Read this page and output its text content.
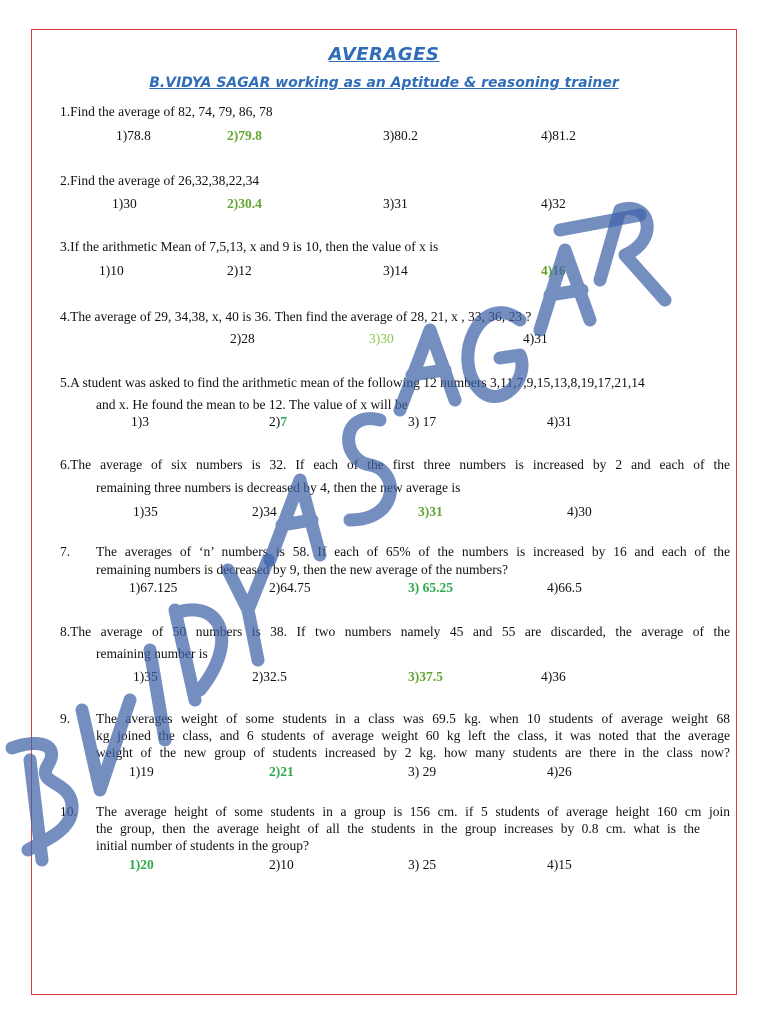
AVERAGES
B.VIDYA SAGAR working as an Aptitude & reasoning trainer
1.Find the average of 82, 74, 79, 86, 78
1)78.8	2)79.8	3)80.2	4)81.2
2.Find the average of 26,32,38,22,34
1)30	2)30.4	3)31	4)32
3.If the arithmetic Mean of 7,5,13, x and 9 is 10, then the value of x is
1)10	2)12	3)14	4)16
4.The average of 29, 34,38, x, 40 is 36. Then find the average of 28, 21, x , 33, 36, 23 ?
2)28	3)30	4)31
5.A student was asked to find the arithmetic mean of the following 12 numbers 3,11,7,9,15,13,8,19,17,21,14
and x. He found the mean to be 12. The value of x will be
1)3	2)7	3) 17	4)31
6.The average of six numbers is 32. If each of the first three numbers is increased by 2 and each of the
remaining three numbers is decreased by 4, then the new average is
1)35	2)34	3)31	4)30
7. The averages of ‘n’ numbers is 58. If each of 65% of the numbers is increased by 16 and each of the
remaining numbers is decreased by 9, then the new average of the numbers?
1)67.125	2)64.75	3) 65.25	4)66.5
8.The average of 50 numbers is 38. If two numbers namely 45 and 55 are discarded, the average of the
remaining number is
1)35	2)32.5	3)37.5	4)36
9. The averages weight of some students in a class was 69.5 kg. when 10 students of average weight 68
kg joined the class, and 6 students of average weight 60 kg left the class, it was noted that the average
weight of the new group of students increased by 2 kg. how many students are there in the class now?
1)19	2)21	3) 29	4)26
10. The average height of some students in a group is 156 cm. if 5 students of average height 160 cm join
the group, then the average height of all the students in the group increases by 0.8 cm. what is the
initial number of students in the group?
1)20	2)10	3) 25	4)15
